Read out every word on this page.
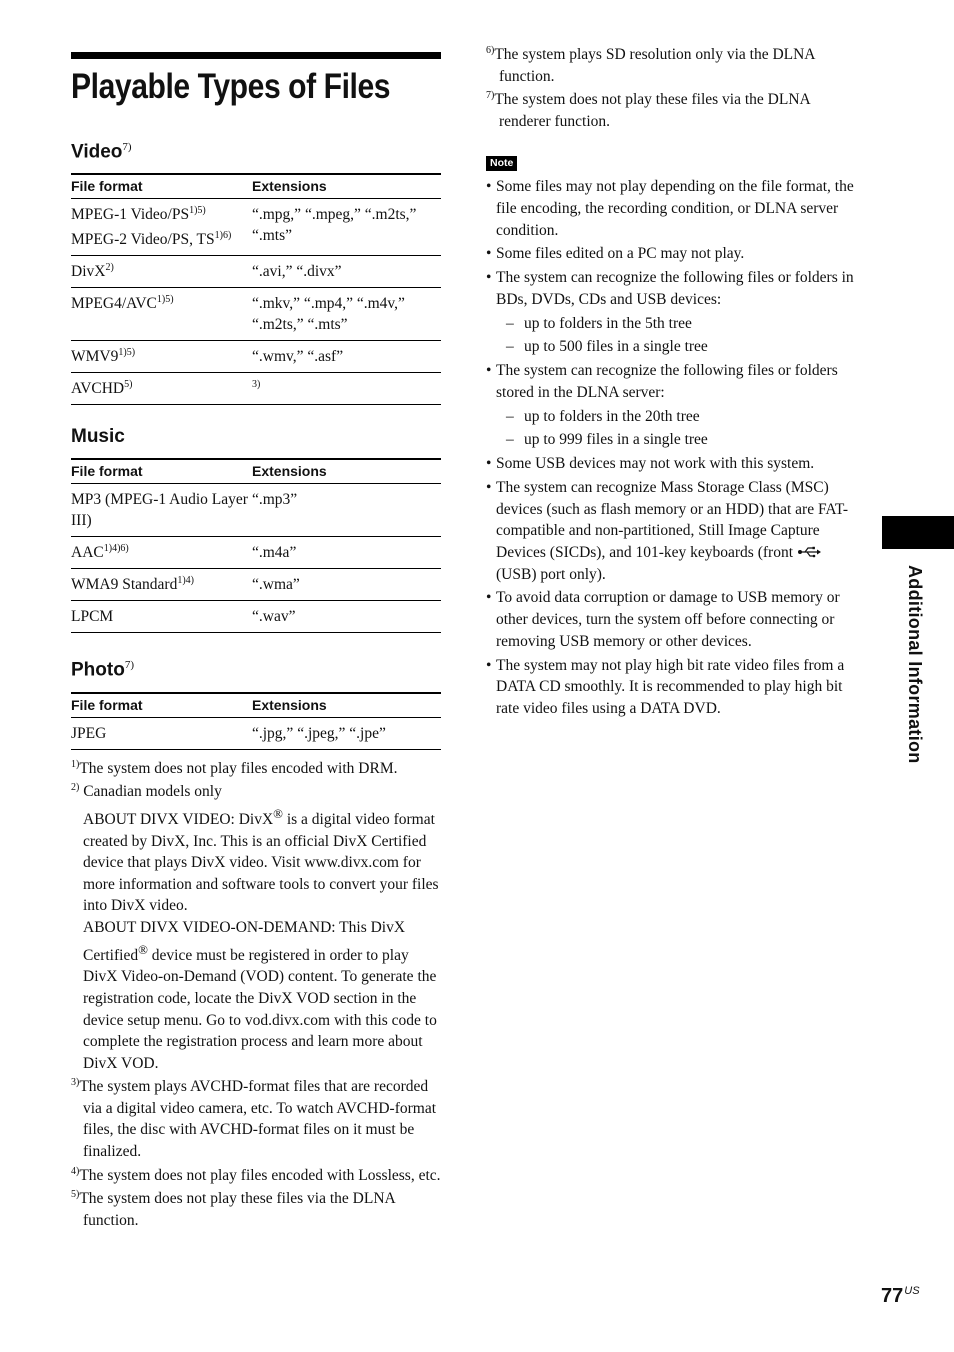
Playable Types of Files
Video$^{7)}$
File format	Extensions

MPEG-1 Video/$PS^{1)5)}$
MPEG-2 Video/PS, $TS^{1)6)}$	“.mpg,” “.mpeg,” “.m2ts,” “.mts”

DivX$^{2)}$	“.avi,” “.divx”

$MPEG4/AVC^{1)5)}$	“.mkv,” “.mp4,” “.m4v,” “.m2ts,” “.mts”

$WMV9^{1)5)}$	“.wmv,” “.asf”

AVCHD$^{5)}$	$^{3)}$
Music
File format	Extensions

MP3 (MPEG-1 Audio Layer III)	“.mp3”

$AAC^{1)4)6)}$	“.m4a”

WMA9 Standard$^{1)4)}$	“.wma”

LPCM	“.wav”
Photo$^{7)}$
File format	Extensions

JPEG	“.jpg,” “.jpeg,” “.jpe”
$^{1)}$The system does not play files encoded with DRM.
$^{2)}$ Canadian models only
ABOUT DIVX VIDEO: DivX® is a digital video format created by DivX, Inc. This is an official DivX Certified device that plays DivX video. Visit www.divx.com for more information and software tools to convert your files into DivX video.
ABOUT DIVX VIDEO-ON-DEMAND: This DivX Certified® device must be registered in order to play DivX Video-on-Demand (VOD) content. To generate the registration code, locate the DivX VOD section in the device setup menu. Go to vod.divx.com with this code to complete the registration process and learn more about DivX VOD.
$^{3)}$The system plays AVCHD-format files that are recorded via a digital video camera, etc. To watch AVCHD-format files, the disc with AVCHD-format files on it must be finalized.
$^{4)}$The system does not play files encoded with Lossless, etc.
$^{5)}$The system does not play these files via the DLNA function.
$^{6)}$The system plays SD resolution only via the DLNA function.
$^{7)}$The system does not play these files via the DLNA renderer function.
Note
• Some files may not play depending on the file format, the file encoding, the recording condition, or DLNA server condition.
• Some files edited on a PC may not play.
• The system can recognize the following files or folders in BDs, DVDs, CDs and USB devices:
– up to folders in the 5th tree
– up to 500 files in a single tree
• The system can recognize the following files or folders stored in the DLNA server:
– up to folders in the 20th tree
– up to 999 files in a single tree
• Some USB devices may not work with this system.
• The system can recognize Mass Storage Class (MSC) devices (such as flash memory or an HDD) that are FAT-compatible and non-partitioned, Still Image Capture Devices (SICDs), and 101-key keyboards (front  (USB) port only).
• To avoid data corruption or damage to USB memory or other devices, turn the system off before connecting or removing USB memory or other devices.
• The system may not play high bit rate video files from a DATA CD smoothly. It is recommended to play high bit rate video files using a DATA DVD.	Additional Information
$77^{US}$
